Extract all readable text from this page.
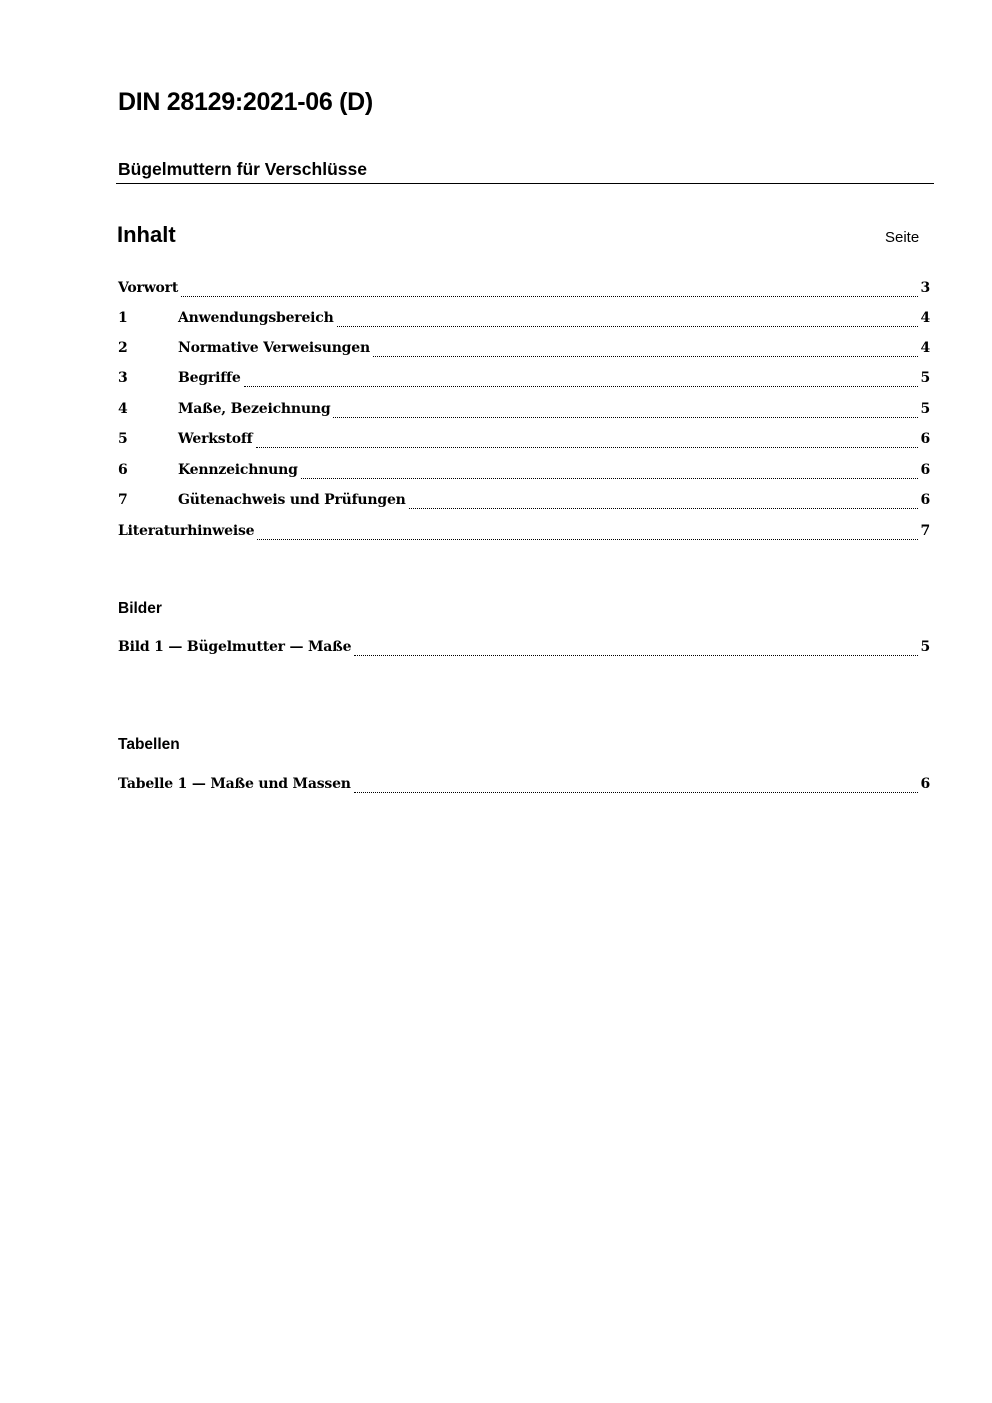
DIN 28129:2021-06 (D)
Bügelmuttern für Verschlüsse
Inhalt	Seite
Vorwort	3
1	Anwendungsbereich	4
2	Normative Verweisungen	4
3	Begriffe	5
4	Maße, Bezeichnung	5
5	Werkstoff	6
6	Kennzeichnung	6
7	Gütenachweis und Prüfungen	6
Literaturhinweise	7
Bilder
Bild 1 — Bügelmutter — Maße	5
Tabellen
Tabelle 1 — Maße und Massen	6
